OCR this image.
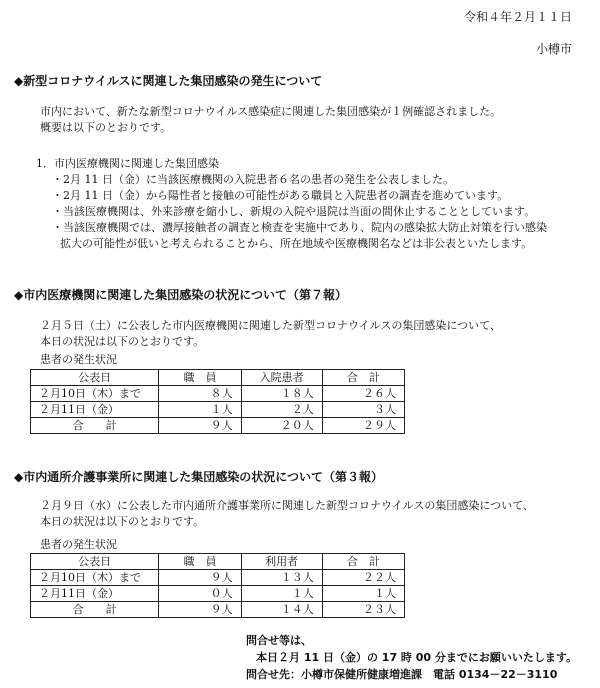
令和４年２月１１日
小樽市
◆新型コロナウイルスに関連した集団感染の発生について
市内において、新たな新型コロナウイルス感染症に関連した集団感染が１例確認されました。
概要は以下のとおりです。
1．市内医療機関に関連した集団感染
・2月 11 日（金）に当該医療機関の入院患者６名の患者の発生を公表しました。
・2月 11 日（金）から陽性者と接触の可能性がある職員と入院患者の調査を進めています。
・当該医療機関は、外来診療を縮小し、新規の入院や退院は当面の間休止することとしています。
・当該医療機関では、濃厚接触者の調査と検査を実施中であり、院内の感染拡大防止対策を行い感染
拡大の可能性が低いと考えられることから、所在地域や医療機関名などは非公表といたします。
◆市内医療機関に関連した集団感染の状況について（第７報）
２月５日（土）に公表した市内医療機関に関連した新型コロナウイルスの集団感染について、
本日の状況は以下のとおりです。
患者の発生状況
公表日	職　員	入院患者	合　計
２月10日（木）まで	８人	１８人	２６人
２月11日（金）	１人	２人	３人
合　　計	９人	２０人	２９人
◆市内通所介護事業所に関連した集団感染の状況について（第３報）
２月９日（水）に公表した市内通所介護事業所に関連した新型コロナウイルスの集団感染について、
本日の状況は以下のとおりです。
患者の発生状況
公表日	職　員	利用者	合　計
２月10日（木）まで	９人	１３人	２２人
２月11日（金）	０人	１人	１人
合　　計	９人	１４人	２３人
問合せ等は、
本日２月 11 日（金）の 17 時 00 分までにお願いいたします。
問合せ先：小樽市保健所健康増進課　電話 0134－22－3110
